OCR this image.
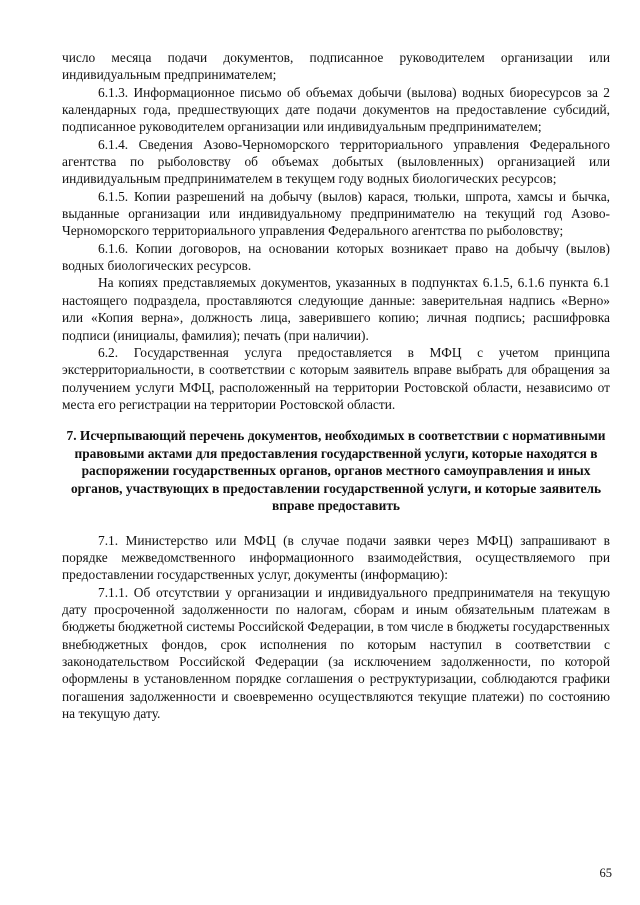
число месяца подачи документов, подписанное руководителем организации или индивидуальным предпринимателем;

6.1.3. Информационное письмо об объемах добычи (вылова) водных биоресурсов за 2 календарных года, предшествующих дате подачи документов на предоставление субсидий, подписанное руководителем организации или индивидуальным предпринимателем;

6.1.4. Сведения Азово-Черноморского территориального управления Федерального агентства по рыболовству об объемах добытых (выловленных) организацией или индивидуальным предпринимателем в текущем году водных биологических ресурсов;

6.1.5. Копии разрешений на добычу (вылов) карася, тюльки, шпрота, хамсы и бычка, выданные организации или индивидуальному предпринимателю на текущий год Азово-Черноморского территориального управления Федерального агентства по рыболовству;

6.1.6. Копии договоров, на основании которых возникает право на добычу (вылов) водных биологических ресурсов.

На копиях представляемых документов, указанных в подпунктах 6.1.5, 6.1.6 пункта 6.1 настоящего подраздела, проставляются следующие данные: заверительная надпись «Верно» или «Копия верна», должность лица, заверившего копию; личная подпись; расшифровка подписи (инициалы, фамилия); печать (при наличии).

6.2. Государственная услуга предоставляется в МФЦ с учетом принципа экстерриториальности, в соответствии с которым заявитель вправе выбрать для обращения за получением услуги МФЦ, расположенный на территории Ростовской области, независимо от места его регистрации на территории Ростовской области.

7. Исчерпывающий перечень документов, необходимых в соответствии с нормативными правовыми актами для предоставления государственной услуги, которые находятся в распоряжении государственных органов, органов местного самоуправления и иных органов, участвующих в предоставлении государственной услуги, и которые заявитель вправе предоставить

7.1. Министерство или МФЦ (в случае подачи заявки через МФЦ) запрашивают в порядке межведомственного информационного взаимодействия, осуществляемого при предоставлении государственных услуг, документы (информацию):

7.1.1. Об отсутствии у организации и индивидуального предпринимателя на текущую дату просроченной задолженности по налогам, сборам и иным обязательным платежам в бюджеты бюджетной системы Российской Федерации, в том числе в бюджеты государственных внебюджетных фондов, срок исполнения по которым наступил в соответствии с законодательством Российской Федерации (за исключением задолженности, по которой оформлены в установленном порядке соглашения о реструктуризации, соблюдаются графики погашения задолженности и своевременно осуществляются текущие платежи) по состоянию на текущую дату.

65
